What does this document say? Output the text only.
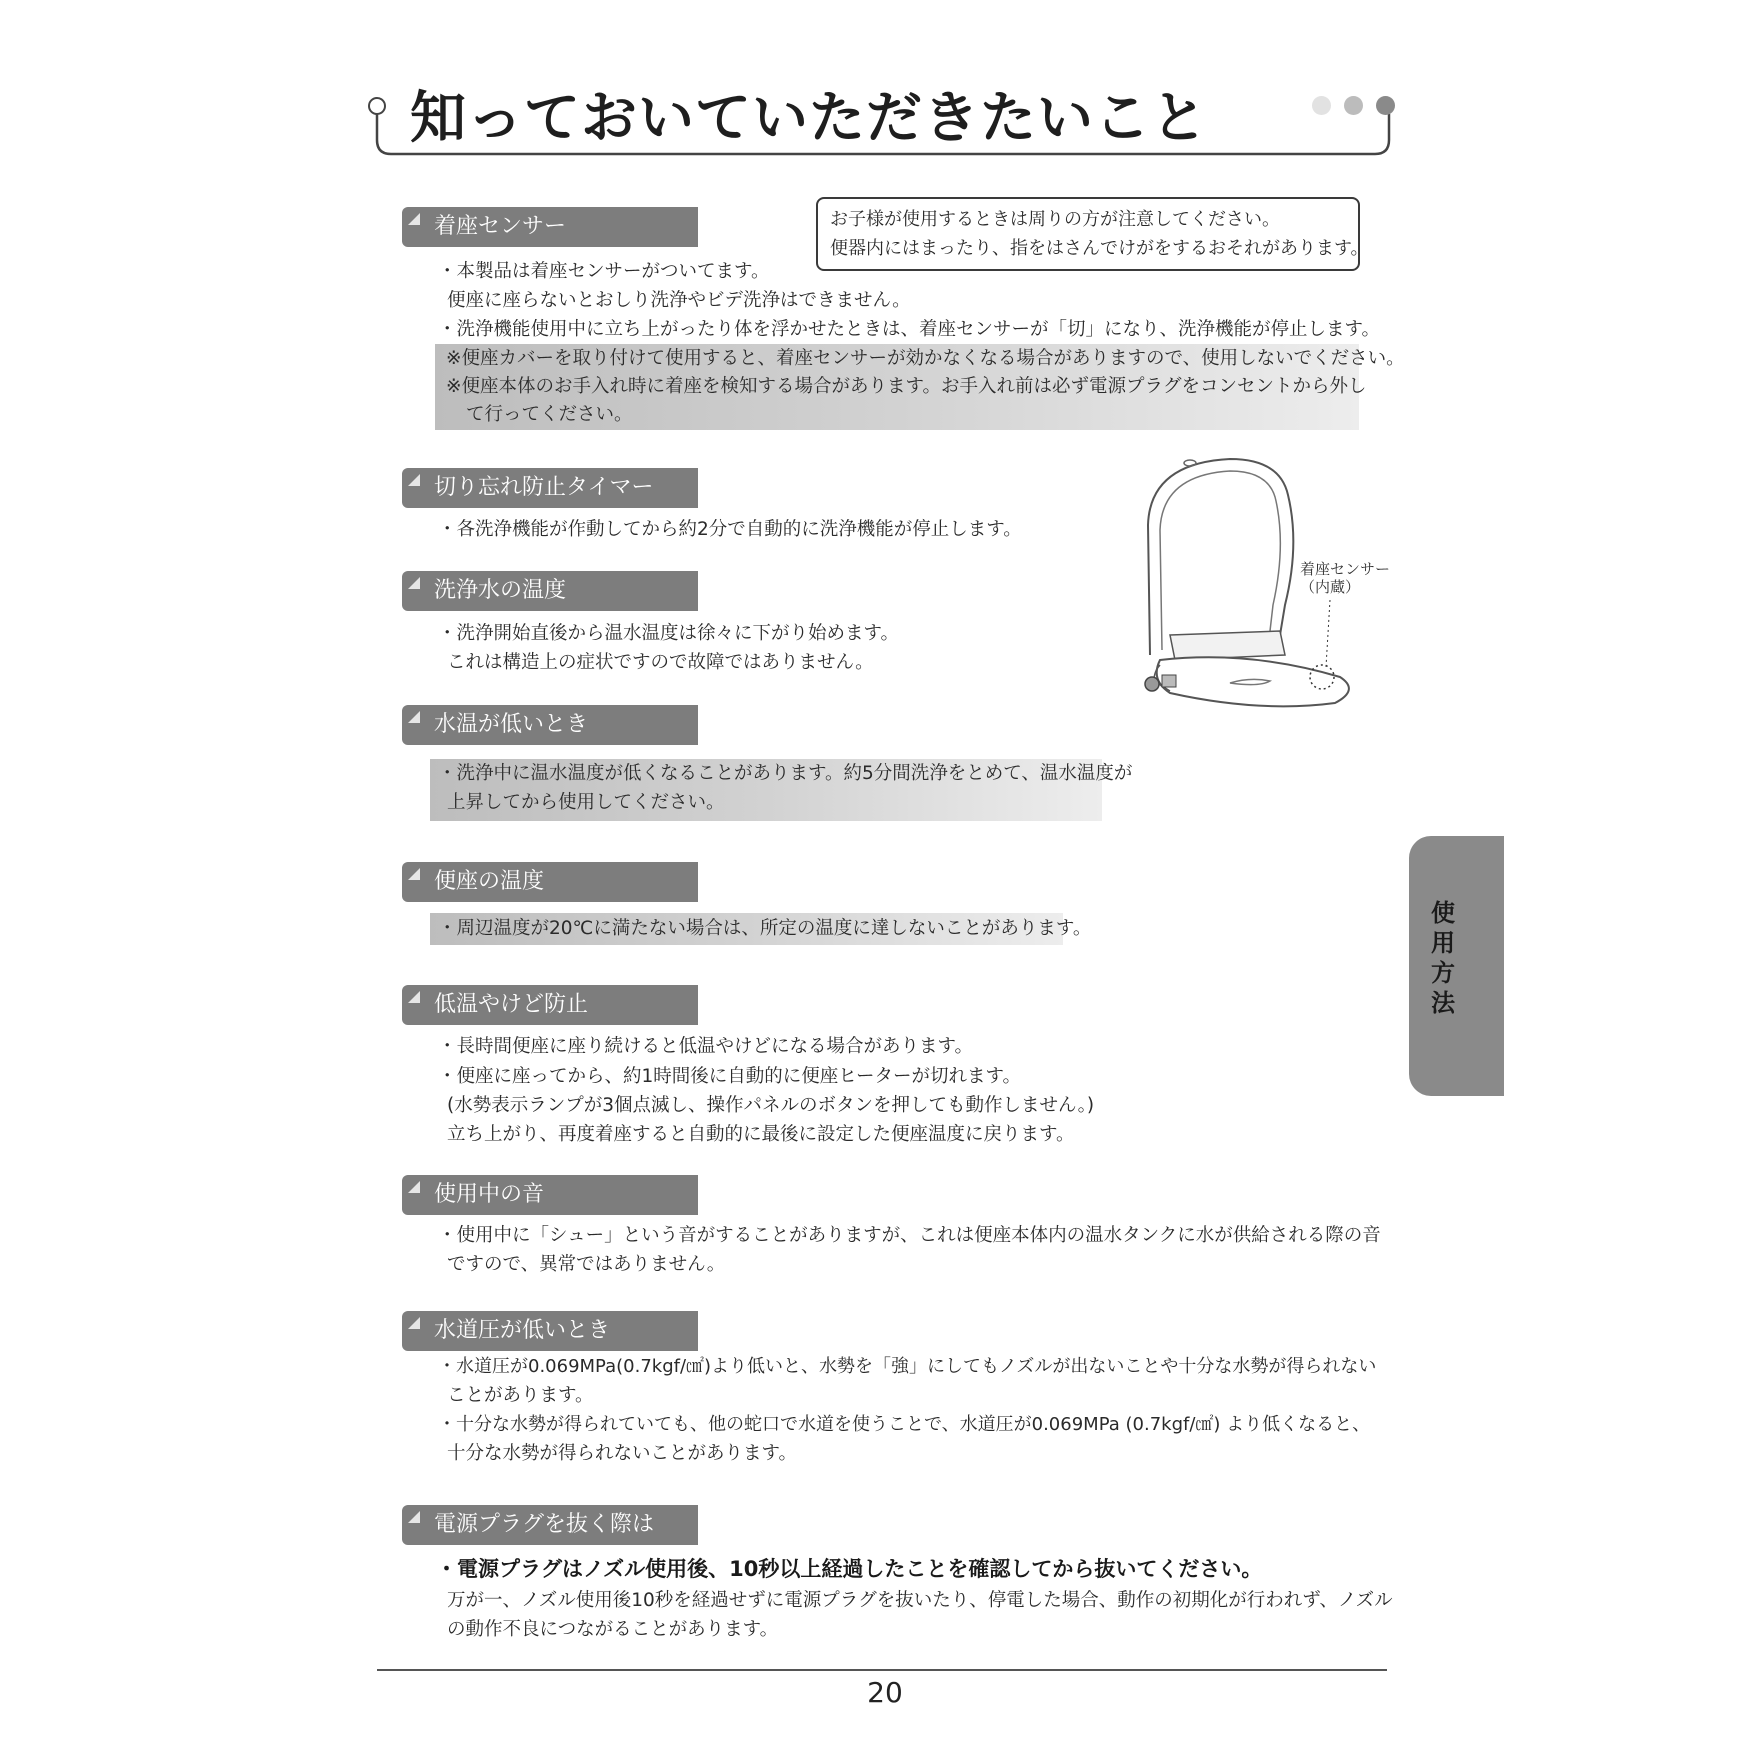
知っておいていただきたいこと
お子様が使用するときは周りの方が注意してください。
便器内にはまったり、指をはさんでけがをするおそれがあります。
着座センサー
・本製品は着座センサーがついてます。
便座に座らないとおしり洗浄やビデ洗浄はできません。
・洗浄機能使用中に立ち上がったり体を浮かせたときは、着座センサーが「切」になり、洗浄機能が停止します。
※便座カバーを取り付けて使用すると、着座センサーが効かなくなる場合がありますので、使用しないでください。
※便座本体のお手入れ時に着座を検知する場合があります。お手入れ前は必ず電源プラグをコンセントから外し
て行ってください。
切り忘れ防止タイマー
・各洗浄機能が作動してから約2分で自動的に洗浄機能が停止します。
洗浄水の温度
・洗浄開始直後から温水温度は徐々に下がり始めます。
これは構造上の症状ですので故障ではありません。
水温が低いとき
・洗浄中に温水温度が低くなることがあります。約5分間洗浄をとめて、温水温度が
上昇してから使用してください。
便座の温度
・周辺温度が20℃に満たない場合は、所定の温度に達しないことがあります。
低温やけど防止
・長時間便座に座り続けると低温やけどになる場合があります。
・便座に座ってから、約1時間後に自動的に便座ヒーターが切れます。
(水勢表示ランプが3個点滅し、操作パネルのボタンを押しても動作しません。)
立ち上がり、再度着座すると自動的に最後に設定した便座温度に戻ります。
使用中の音
・使用中に「シュー」という音がすることがありますが、これは便座本体内の温水タンクに水が供給される際の音
ですので、異常ではありません。
水道圧が低いとき
・水道圧が0.069MPa(0.7kgf/㎠)より低いと、水勢を「強」にしてもノズルが出ないことや十分な水勢が得られない
ことがあります。
・十分な水勢が得られていても、他の蛇口で水道を使うことで、水道圧が0.069MPa (0.7kgf/㎠) より低くなると、
十分な水勢が得られないことがあります。
電源プラグを抜く際は
・電源プラグはノズル使用後、10秒以上経過したことを確認してから抜いてください。
万が一、ノズル使用後10秒を経過せずに電源プラグを抜いたり、停電した場合、動作の初期化が行われず、ノズル
の動作不良につながることがあります。
着座センサー
（内蔵）
使用方法
20
